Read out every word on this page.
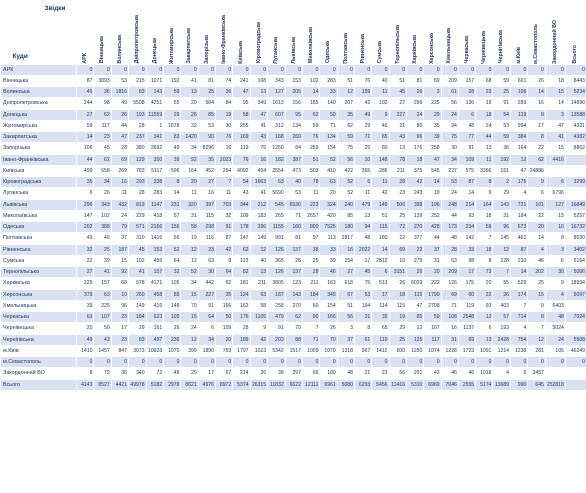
Звідки
Куди	АРК	Вінницька	Волинська	Дніпропетровська	Донецька	Житомирська	Закарпатська	Запорізька	Івано-Франківська	Київська	Кіровоградська	Луганська	Львівська	Миколаївська	Одеська	Полтавська	Рівненська	Сумська	Тернопільська	Харківська	Херсонська	Хмельницька	Черкаська	Чернівецька	Чернігівська	м.Київ	м.Севастополь	Закордонний ВО	Всього

АРК	0	0	0	0	0	0	0	0	0	0	0	0	0	0	0	0	0	0	0	0	0	0	0	0	0	0	0	0	0
Вінницька	87	3893	53	215	1071	192	41	81	74	241	108	343	153	102	283	51	76	40	51	81	69	209	157	68	59	601	26	18	8443
Волинська	46	36	1816	83	143	59	13	25	36	47	13	127	205	14	33	12	159	11	45	26	3	61	28	23	25	106	14	15	5234
Дніпропетровська	244	98	49	5508	4251	55	20	504	84	95	349	1613	156	185	140	207	42	102	27	296	225	56	136	19	91	289	16	14	14890
Донецька	27	62	26	193	11559	29	26	85	19	58	47	607	95	62	50	35	49	9	227	24	29	24	6	18	54	119	8	3	13588
Житомирська	59	117	44	28	1	1678	32	53	30	255	41	312	134	59	71	62	29	40	21	80	35	94	48	24	53	994	17	47	4321
Закарпатська	14	23	47	237	341	83	1420	90	76	169	43	168	260	76	134	59	71	65	43	96	39	75	77	44	59	384	8	41	4382
Запорізька	106	45	28	380	2692	49	34	8296	16	119	75	1250	84	259	154	75	25	60	13	176	258	30	91	13	36	164	22	15	8862
Івано-Франківська	44	62	69	129	350	39	92	35	2023	76	16	182	387	51	52	56	10	148	78	18	47	34	109	11	192	12	62	4416	
Київська	499	658	269	783	5117	596	164	452	264	4092	404	2554	473	503	410	422	365	286	211	375	545	227	575	3366	151	47	24886		
Кіровоградська	35	34	16	293	338	8	20	27	7	54	1663	63	40	78	63	52	6	11	28	42	14	53	87	8	2	175	9	6	3299
Луганська	6	26	11	28	283	14	11	16	11	43	41	5690	53	11	20	52	11	42	23	243	19	24	14	6	29	4	6	6796	
Львівська	296	343	432	819	1147	231	320	397	703	344	212	545	6530	223	324	240	479	149	506	398	196	248	214	164	143	721	101	127	16849
Миколаївська	147	102	24	229	418	57	31	115	32	109	183	265	71	2657	420	85	13	51	25	139	252	44	93	18	31	184	22	15	5257
Одеська	202	388	79	571	2166	156	58	298	91	178	396	1155	160	800	7525	180	94	115	72	270	428	173	234	59	96	673	20	16	16732
Полтавська	49	49	37	310	1416	56	19	116	87	147	149	991	81	97	113	2817	48	180	22	377	44	48	142	7	145	461	14	8	8030
Рівненська	32	25	187	45	153	52	12	23	42	62	12	126	137	38	33	16	2022	14	69	22	37	28	33	18	12	87	4	3	3402
Сумська	22	39	15	102	459	64	12	63	8	123	40	365	26	25	39	254	17	2512	10	279	31	63	98	8	128	210	46	6	5164
Тернопільська	27	41	92	41	157	32	52	30	64	82	13	126	137	28	46	27	45	6	3151	26	20	209	17	73	7	14	202	30	5006
Харківська	225	157	68	678	4171	105	34	442	62	181	211	3805	123	211	163	618	75	513	26	6039	222	126	175	20	55	529	25	9	18934
Херсонська	379	63	10	260	458	85	15	227	35	124	63	187	143	184	345	67	53	17	18	115	1799	69	60	22	26	174	15	4	5097
Хмельницька	39	225	96	149	416	148	70	91	156	163	58	258	270	60	154	51	194	114	115	47	2708	71	119	93	403	7	9	6403	
Черкаська	63	107	23	184	623	105	15	64	50	176	1105	479	62	90	166	56	21	35	19	85	59	108	2548	12	57	714	8	48	7024
Чернівецька	20	50	17	29	161	26	24	6	109	28	9	91	70	7	26	3	8	65	29	12	107	16	1137	6	193	4	7	5024	
Чернігівська	49	43	23	83	497	236	12	34	20	189	42	203	88	71	70	37	61	119	25	125	117	31	69	13	2428	754	12	24	5508
м.Київ	1410	1457	847	3073	10928	1070	399	1890	759	1797	1023	5342	1517	1009	1070	1318	967	1412	600	1250	1074	1228	1723	1091	1214	1238	281	105	46249
м.Севастополь	0	0	0	0	0	0	0	0	0	0	0	0	0	0	0	0	0	0	0	0	0	0	0	0	0	0	0	0	0
Закордонний ВО	8	79	36	340	72	48	29	17	67	214	26	38	297	66	180	48	21	23	56	291	43	46	46	1018	4	6	3457		
Всього	4143	8527	4421	49978	5182	2978	8621	4976	8972	5374	26315	11832	6622	12111	6961	5080	6293	5456	11416	5310	6969	7046	2555	5174	13689	990	645	252818	
